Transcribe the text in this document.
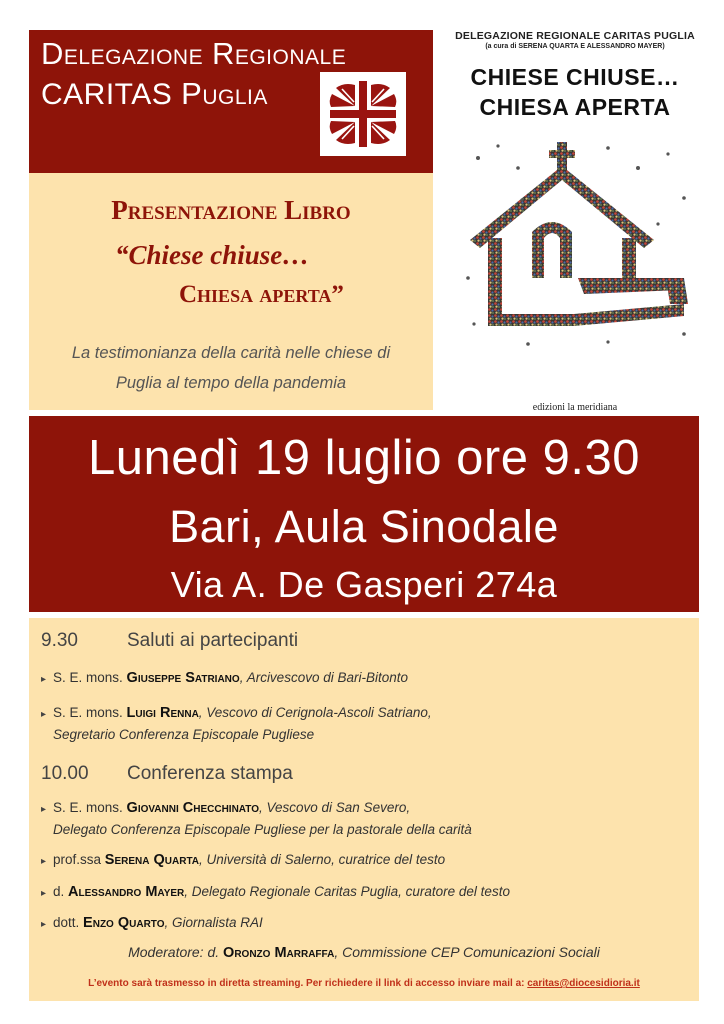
Delegazione Regionale
CARITAS Puglia
Presentazione Libro
“Chiese chiuse…
Chiesa aperta”
La testimonianza della carità nelle chiese di
Puglia al tempo della pandemia
DELEGAZIONE REGIONALE CARITAS PUGLIA
(a cura di SERENA QUARTA E ALESSANDRO MAYER)
CHIESE CHIUSE…
CHIESA APERTA
edizioni la meridiana
Lunedì 19 luglio ore 9.30
Bari, Aula Sinodale
Via A. De Gasperi 274a
9.30	Saluti ai partecipanti
▸ S. E. mons. Giuseppe Satriano, Arcivescovo di Bari-Bitonto
▸ S. E. mons. Luigi Renna, Vescovo di Cerignola-Ascoli Satriano,
Segretario Conferenza Episcopale Pugliese
10.00 Conferenza stampa
▸ S. E. mons. Giovanni Checchinato, Vescovo di San Severo,
Delegato Conferenza Episcopale Pugliese per la pastorale della carità
▸ prof.ssa Serena Quarta, Università di Salerno, curatrice del testo
▸ d. Alessandro Mayer, Delegato Regionale Caritas Puglia, curatore del testo
▸ dott. Enzo Quarto, Giornalista RAI
Moderatore: d. Oronzo Marraffa, Commissione CEP Comunicazioni Sociali
L’evento sarà trasmesso in diretta streaming. Per richiedere il link di accesso inviare mail a: caritas@diocesidioria.it
